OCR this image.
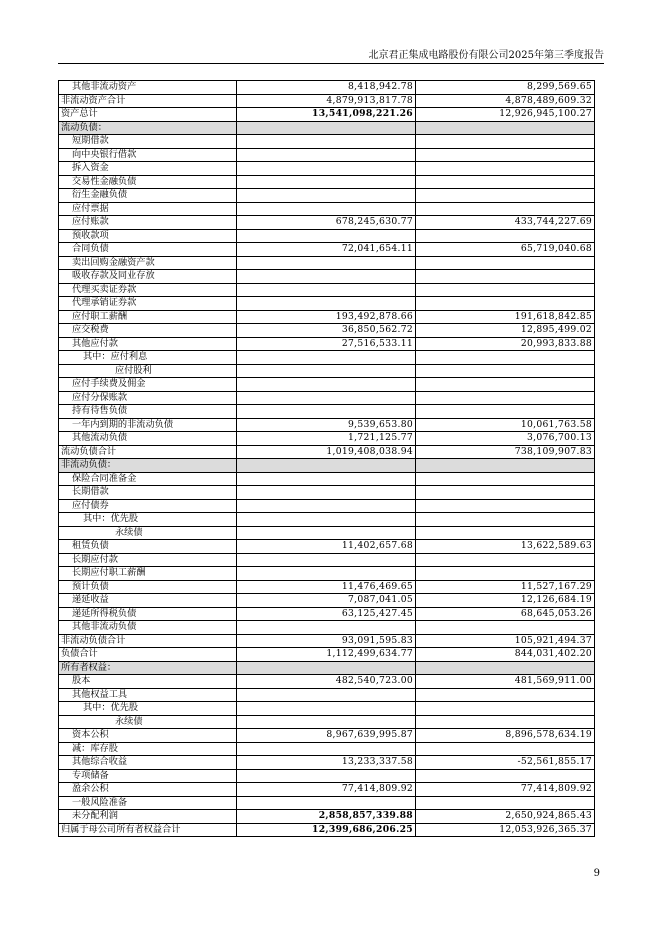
北京君正集成电路股份有限公司2025年第三季度报告
其他非流动资产	8,418,942.78	8,299,569.65
非流动资产合计	4,879,913,817.78	4,878,489,609.32
资产总计	13,541,098,221.26	12,926,945,100.27
流动负债：		
短期借款		
向中央银行借款		
拆入资金		
交易性金融负债		
衍生金融负债		
应付票据		
应付账款	678,245,630.77	433,744,227.69
预收款项		
合同负债	72,041,654.11	65,719,040.68
卖出回购金融资产款		
吸收存款及同业存放		
代理买卖证券款		
代理承销证券款		
应付职工薪酬	193,492,878.66	191,618,842.85
应交税费	36,850,562.72	12,895,499.02
其他应付款	27,516,533.11	20,993,833.88
其中：应付利息		
应付股利		
应付手续费及佣金		
应付分保账款		
持有待售负债		
一年内到期的非流动负债	9,539,653.80	10,061,763.58
其他流动负债	1,721,125.77	3,076,700.13
流动负债合计	1,019,408,038.94	738,109,907.83
非流动负债：		
保险合同准备金		
长期借款		
应付债券		
其中：优先股		
永续债		
租赁负债	11,402,657.68	13,622,589.63
长期应付款		
长期应付职工薪酬		
预计负债	11,476,469.65	11,527,167.29
递延收益	7,087,041.05	12,126,684.19
递延所得税负债	63,125,427.45	68,645,053.26
其他非流动负债		
非流动负债合计	93,091,595.83	105,921,494.37
负债合计	1,112,499,634.77	844,031,402.20
所有者权益：		
股本	482,540,723.00	481,569,911.00
其他权益工具		
其中：优先股		
永续债		
资本公积	8,967,639,995.87	8,896,578,634.19
减：库存股		
其他综合收益	13,233,337.58	-52,561,855.17
专项储备		
盈余公积	77,414,809.92	77,414,809.92
一般风险准备		
未分配利润	2,858,857,339.88	2,650,924,865.43
归属于母公司所有者权益合计	12,399,686,206.25	12,053,926,365.37
9
